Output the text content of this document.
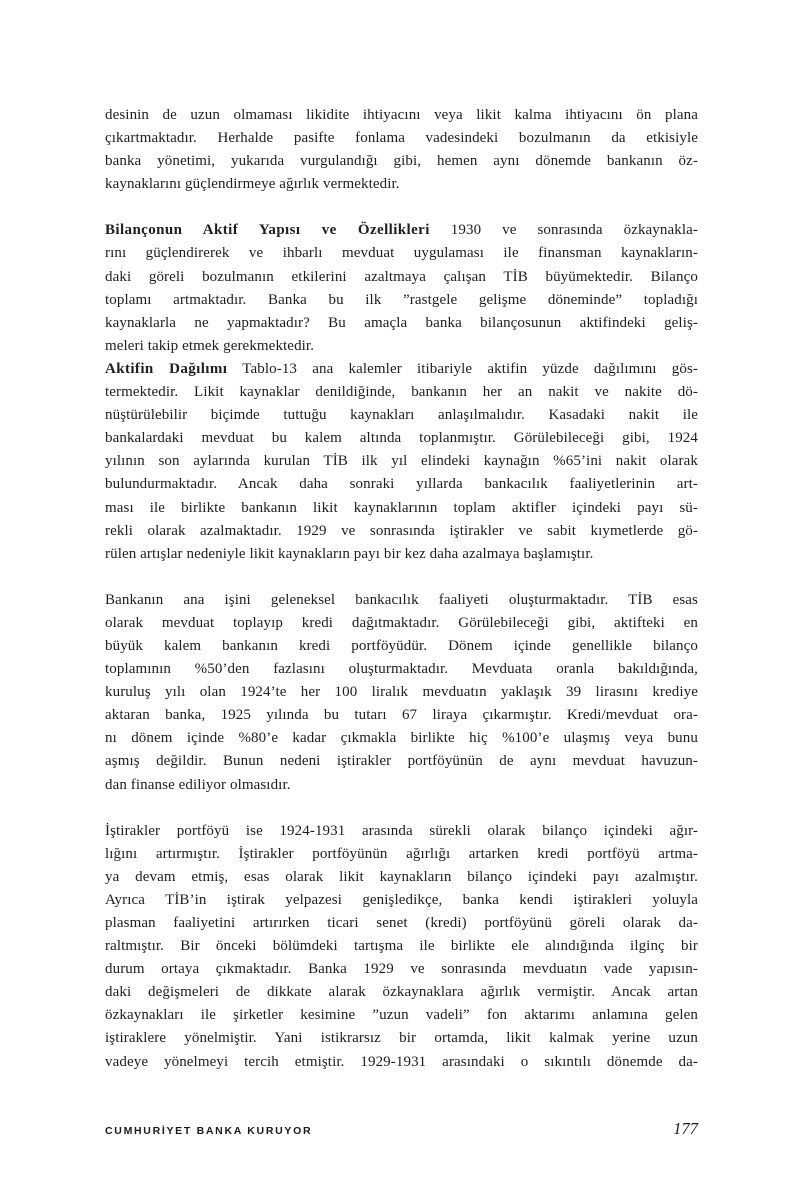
desinin de uzun olmaması likidite ihtiyacını veya likit kalma ihtiyacını ön plana
çıkartmaktadır. Herhalde pasifte fonlama vadesindeki bozulmanın da etkisiyle
banka yönetimi, yukarıda vurgulandığı gibi, hemen aynı dönemde bankanın öz-
kaynaklarını güçlendirmeye ağırlık vermektedir.
Bilançonun Aktif Yapısı ve Özellikleri 1930 ve sonrasında özkaynakla-
rını güçlendirerek ve ihbarlı mevduat uygulaması ile finansman kaynakların-
daki göreli bozulmanın etkilerini azaltmaya çalışan TİB büyümektedir. Bilanço
toplamı artmaktadır. Banka bu ilk ”rastgele gelişme döneminde” topladığı
kaynaklarla ne yapmaktadır? Bu amaçla banka bilançosunun aktifindeki geliş-
meleri takip etmek gerekmektedir.
Aktifin Dağılımı Tablo-13 ana kalemler itibariyle aktifin yüzde dağılımını gös-
termektedir. Likit kaynaklar denildiğinde, bankanın her an nakit ve nakite dö-
nüştürülebilir biçimde tuttuğu kaynakları anlaşılmalıdır. Kasadaki nakit ile
bankalardaki mevduat bu kalem altında toplanmıştır. Görülebileceği gibi, 1924
yılının son aylarında kurulan TİB ilk yıl elindeki kaynağın %65’ini nakit olarak
bulundurmaktadır. Ancak daha sonraki yıllarda bankacılık faaliyetlerinin art-
ması ile birlikte bankanın likit kaynaklarının toplam aktifler içindeki payı sü-
rekli olarak azalmaktadır. 1929 ve sonrasında iştirakler ve sabit kıymetlerde gö-
rülen artışlar nedeniyle likit kaynakların payı bir kez daha azalmaya başlamıştır.
Bankanın ana işini geleneksel bankacılık faaliyeti oluşturmaktadır. TİB esas
olarak mevduat toplayıp kredi dağıtmaktadır. Görülebileceği gibi, aktifteki en
büyük kalem bankanın kredi portföyüdür. Dönem içinde genellikle bilanço
toplamının %50’den fazlasını oluşturmaktadır. Mevduata oranla bakıldığında,
kuruluş yılı olan 1924’te her 100 liralık mevduatın yaklaşık 39 lirasını krediye
aktaran banka, 1925 yılında bu tutarı 67 liraya çıkarmıştır. Kredi/mevduat ora-
nı dönem içinde %80’e kadar çıkmakla birlikte hiç %100’e ulaşmış veya bunu
aşmış değildir. Bunun nedeni iştirakler portföyünün de aynı mevduat havuzun-
dan finanse ediliyor olmasıdır.
İştirakler portföyü ise 1924-1931 arasında sürekli olarak bilanço içindeki ağır-
lığını artırmıştır. İştirakler portföyünün ağırlığı artarken kredi portföyü artma-
ya devam etmiş, esas olarak likit kaynakların bilanço içindeki payı azalmıştır.
Ayrıca TİB’in iştirak yelpazesi genişledikçe, banka kendi iştirakleri yoluyla
plasman faaliyetini artırırken ticari senet (kredi) portföyünü göreli olarak da-
raltmıştır. Bir önceki bölümdeki tartışma ile birlikte ele alındığında ilginç bir
durum ortaya çıkmaktadır. Banka 1929 ve sonrasında mevduatın vade yapısın-
daki değişmeleri de dikkate alarak özkaynaklara ağırlık vermiştir. Ancak artan
özkaynakları ile şirketler kesimine ”uzun vadeli” fon aktarımı anlamına gelen
iştiraklere yönelmiştir. Yani istikrarsız bir ortamda, likit kalmak yerine uzun
vadeye yönelmeyi tercih etmiştir. 1929-1931 arasındaki o sıkıntılı dönemde da-
CUMHURİYET BANKA KURUYOR	177
